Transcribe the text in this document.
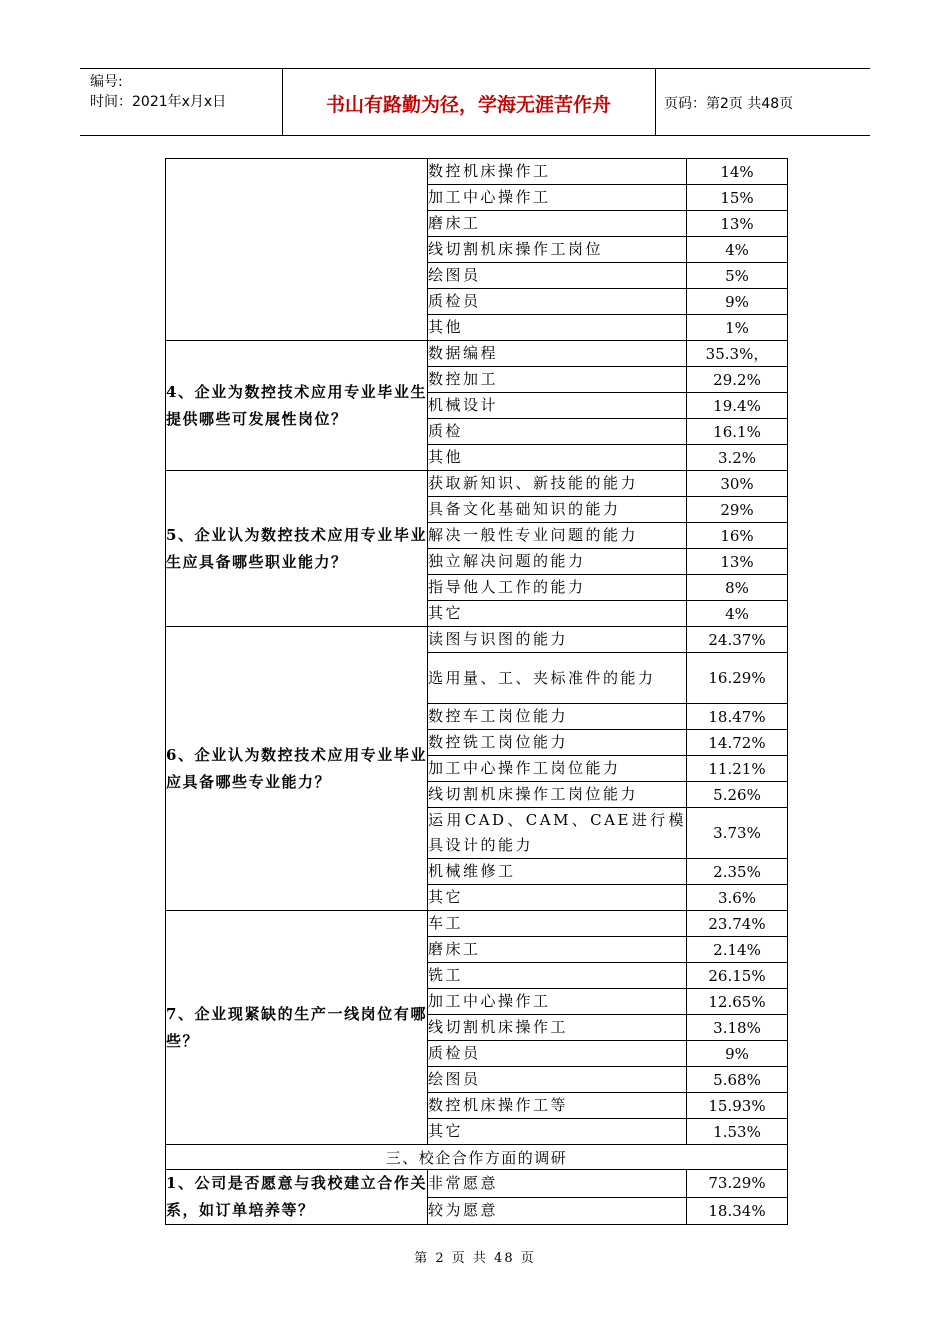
编号:
时间：2021年x月x日	书山有路勤为径，学海无涯苦作舟	页码：第2页 共48页
	数控机床操作工	14%
	加工中心操作工	15%
	磨床工	13%
	线切割机床操作工岗位	4%
	绘图员	5%
	质检员	9%
	其他	1%
4、企业为数控技术应用专业毕业生提供哪些可发展性岗位？	数据编程	35.3%，
	数控加工	29.2%
	机械设计	19.4%
	质检	16.1%
	其他	3.2%
5、企业认为数控技术应用专业毕业生应具备哪些职业能力？	获取新知识、新技能的能力	30%
	具备文化基础知识的能力	29%
	解决一般性专业问题的能力	16%
	独立解决问题的能力	13%
	指导他人工作的能力	8%
	其它	4%
6、企业认为数控技术应用专业毕业应具备哪些专业能力？	读图与识图的能力	24.37%
	选用量、工、夹标准件的能力	16.29%
	数控车工岗位能力	18.47%
	数控铣工岗位能力	14.72%
	加工中心操作工岗位能力	11.21%
	线切割机床操作工岗位能力	5.26%
	运用CAD、CAM、CAE进行模具设计的能力	3.73%
	机械维修工	2.35%
	其它	3.6%
7、企业现紧缺的生产一线岗位有哪些？	车工	23.74%
	磨床工	2.14%
	铣工	26.15%
	加工中心操作工	12.65%
	线切割机床操作工	3.18%
	质检员	9%
	绘图员	5.68%
	数控机床操作工等	15.93%
	其它	1.53%
三、校企合作方面的调研		
1、公司是否愿意与我校建立合作关系，如订单培养等？	非常愿意	73.29%
	较为愿意	18.34%
第 2 页 共 48 页
